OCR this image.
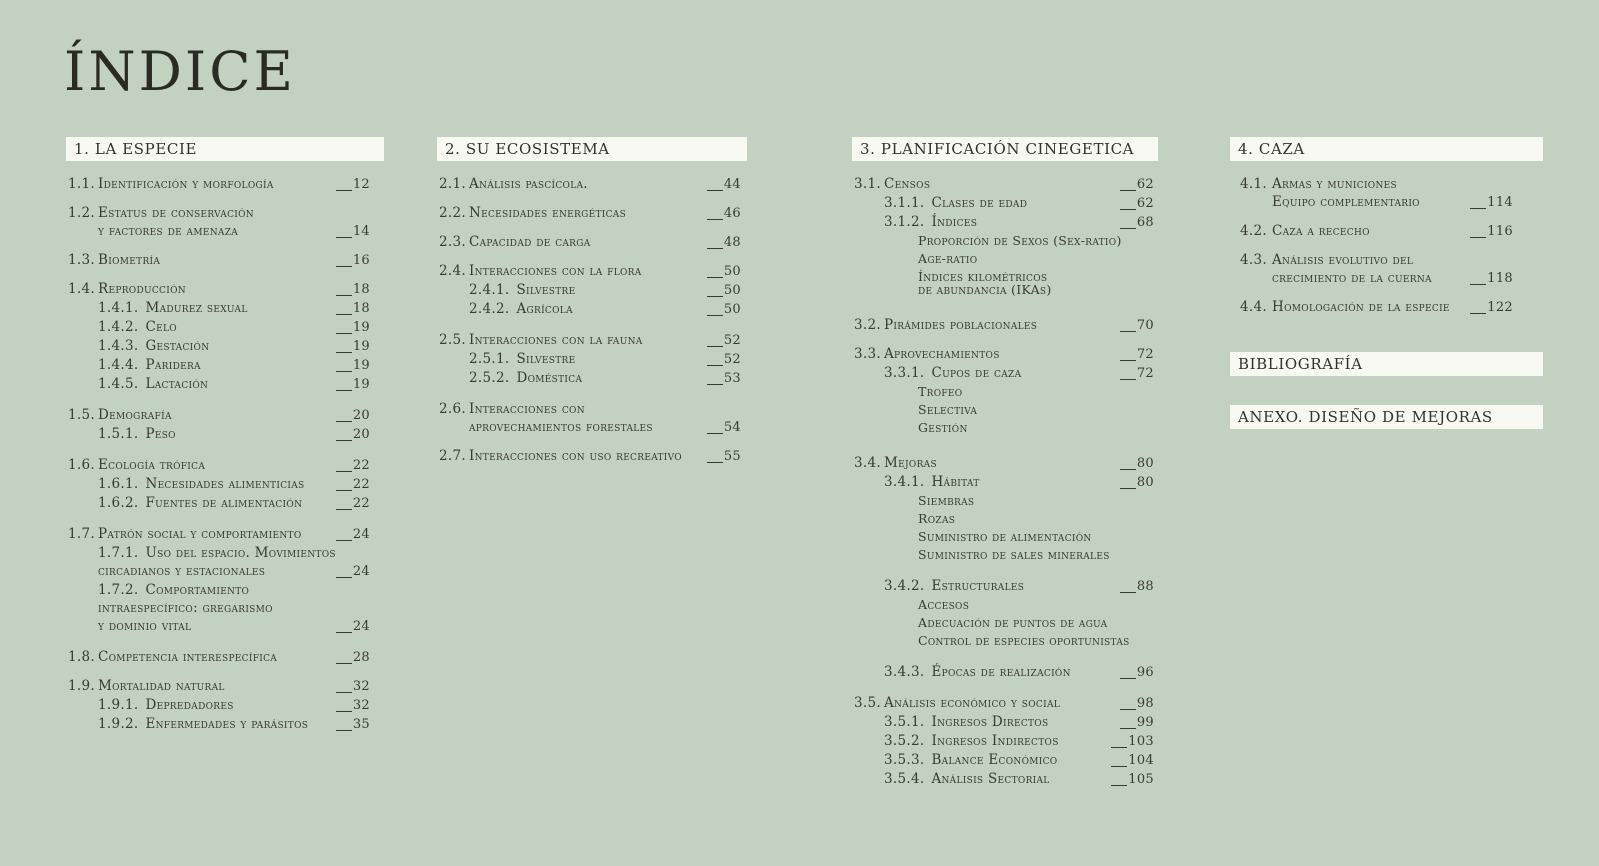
ÍNDICE
1. LA ESPECIE
1.1. Identificación y morfología	12
1.2. Estatus de conservación
y factores de amenaza	14
1.3. Biometría	16
1.4. Reproducción	18
1.4.1. Madurez sexual	18
1.4.2. Celo	19
1.4.3. Gestación	19
1.4.4. Paridera	19
1.4.5. Lactación	19
1.5. Demografía	20
1.5.1. Peso	20
1.6. Ecología trófica	22
1.6.1. Necesidades alimenticias	22
1.6.2. Fuentes de alimentación	22
1.7. Patrón social y comportamiento	24
1.7.1. Uso del espacio. Movimientos
circadianos y estacionales	24
1.7.2. Comportamiento
intraespecífico: gregarismo
y dominio vital	24
1.8. Competencia interespecífica	28
1.9. Mortalidad natural	32
1.9.1. Depredadores	32
1.9.2. Enfermedades y parásitos	35
2. SU ECOSISTEMA
2.1. Análisis pascícola.	44
2.2. Necesidades energéticas	46
2.3. Capacidad de carga	48
2.4. Interacciones con la flora	50
2.4.1. Silvestre	50
2.4.2. Agrícola	50
2.5. Interacciones con la fauna	52
2.5.1. Silvestre	52
2.5.2. Doméstica	53
2.6. Interacciones con
aprovechamientos forestales	54
2.7. Interacciones con uso recreativo	55
3. PLANIFICACIÓN CINEGETICA
3.1. Censos	62
3.1.1. Clases de edad	62
3.1.2. Índices	68
Proporción de Sexos (Sex-ratio)
Age-ratio
Índices kilométricos
de abundancia (IKAs)
3.2. Pirámides poblacionales	70
3.3. Aprovechamientos	72
3.3.1. Cupos de caza	72
Trofeo
Selectiva
Gestión
3.4. Mejoras	80
3.4.1. Hábitat	80
Siembras
Rozas
Suministro de alimentación
Suministro de sales minerales
3.4.2. Estructurales	88
Accesos
Adecuación de puntos de agua
Control de especies oportunistas
3.4.3. Épocas de realización	96
3.5. Análisis económico y social	98
3.5.1. Ingresos Directos	99
3.5.2. Ingresos Indirectos	103
3.5.3. Balance Económico	104
3.5.4. Análisis Sectorial	105
4. CAZA
4.1. Armas y municiones
Equipo complementario	114
4.2. Caza a rececho	116
4.3. Análisis evolutivo del
crecimiento de la cuerna	118
4.4. Homologación de la especie	122
BIBLIOGRAFÍA
ANEXO. DISEÑO DE MEJORAS
